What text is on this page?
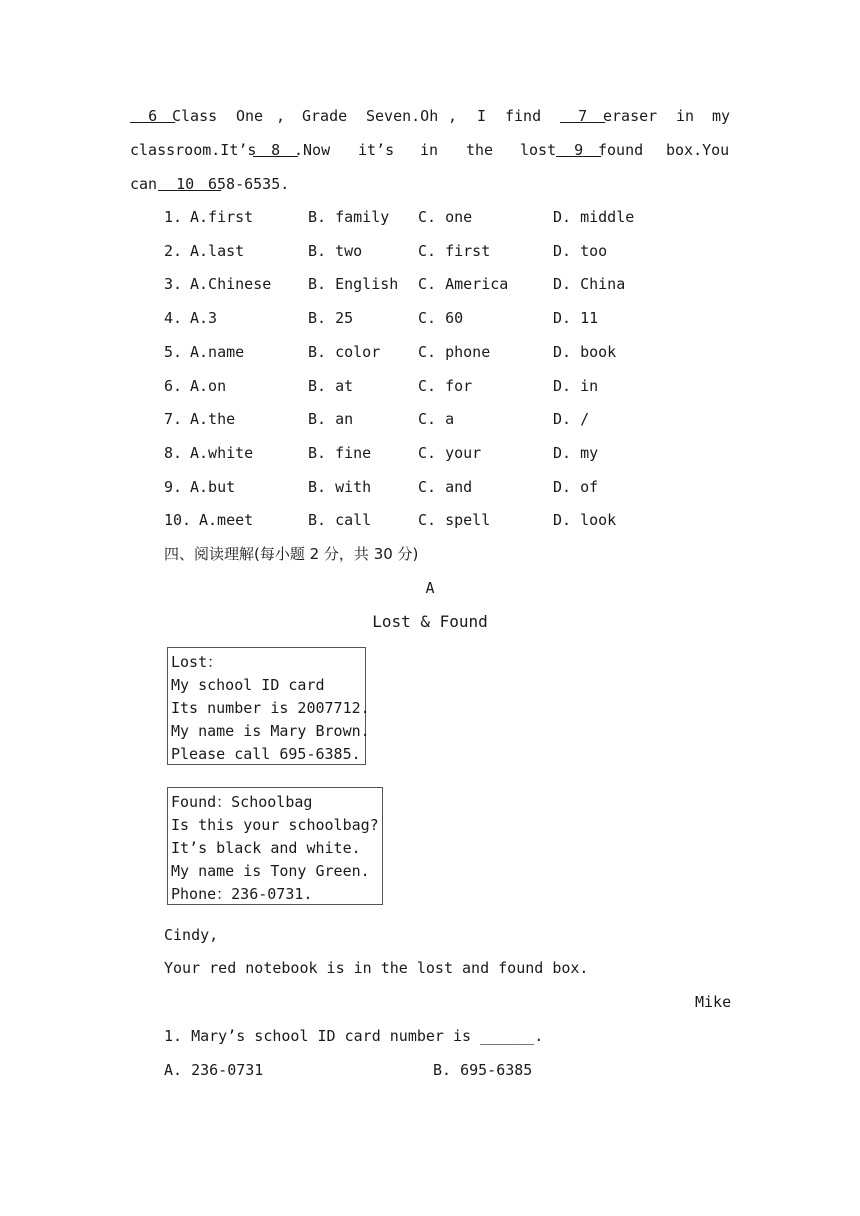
6 Class One , Grade Seven.Oh , I find	7	eraser in my
classroom.It’s 8 .Now it’s in the lost	9 found box.You
can	10 658-6535.
1. A.first	B. family C. one	D. middle
2. A.last	B. two	C. first	D. too
3. A.Chinese B. English C. America	D. China
4. A.3	B. 25	C. 60	D. 11
5. A.name	B. color	C. phone	D. book
6. A.on	B. at	C. for	D. in
7. A.the	B. an	C. a	D. /
8. A.white	B. fine	C. your	D. my
9. A.but	B. with	C. and	D. of
10. A.meet	B. call	C. spell	D. look
四、阅读理解(每小题 2 分，共 30 分)
A
Lost & Found
Lost：
My school ID card
Its number is 2007712.
My name is Mary Brown.
Please call 695-6385.
Found：Schoolbag
Is this your schoolbag?
It’s black and white.
My name is Tony Green.
Phone：236-0731.
Cindy,
Your red notebook is in the lost and found box.
Mike
1. Mary’s school ID card number is ______.
A. 236-0731	B. 695-6385
